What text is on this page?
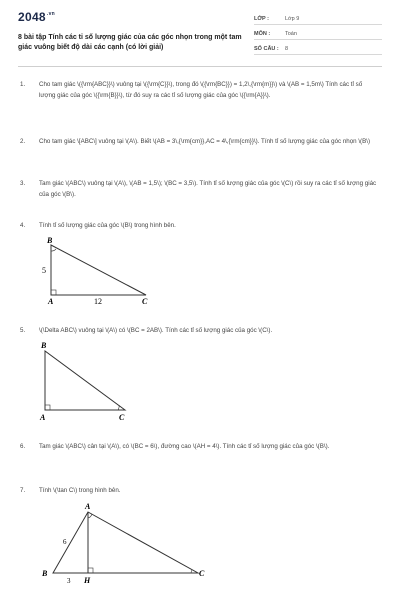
$2048^{.vn}$
8 bài tập Tính các tỉ số lượng giác của các góc nhọn trong một tam giác vuông biết độ dài các cạnh (có lời giải)
LỚP :	Lớp 9
MÔN :	Toán
SỐ CÂU : 8
1. Cho tam giác \({\rm{ABC}}\) vuông tại \({\rm{C}}\), trong đó \({\rm{BC}}) = 1,2\,{\rm{m}}\) và \(AB = 1,5m\) Tính các tỉ số lượng giác của góc \({\rm{B}}\), từ đó suy ra các tỉ số lượng giác của góc \({\rm{A}}\).
2. Cho tam giác \[ABC\] vuông tại \(A\). Biết \(AB = 3\,{\rm{cm}},AC = 4\,{\rm{cm}}\). Tính tỉ số lượng giác của góc nhọn \(B\)
3. Tam giác \(ABC\) vuông tại \(A\), \(AB = 1,5\); \(BC = 3,5\). Tính tỉ số lượng giác của góc \(C\) rồi suy ra các tỉ số lượng giác của góc \(B\).
4. Tính tỉ số lượng giác của góc \(B\) trong hình bên.
B
A	C
5
12
5. \(\Delta ABC\) vuông tại \(A\) có \(BC = 2AB\). Tính các tỉ số lượng giác của góc \(C\).
B
A	C
6. Tam giác \(ABC\) cân tại \(A\), có \(BC = 6\), đường cao \(AH = 4\). Tính các tỉ số lượng giác của góc \(B\).
7. Tính \(\tan C\) trong hình bên.
A
B
H
C
6
3
